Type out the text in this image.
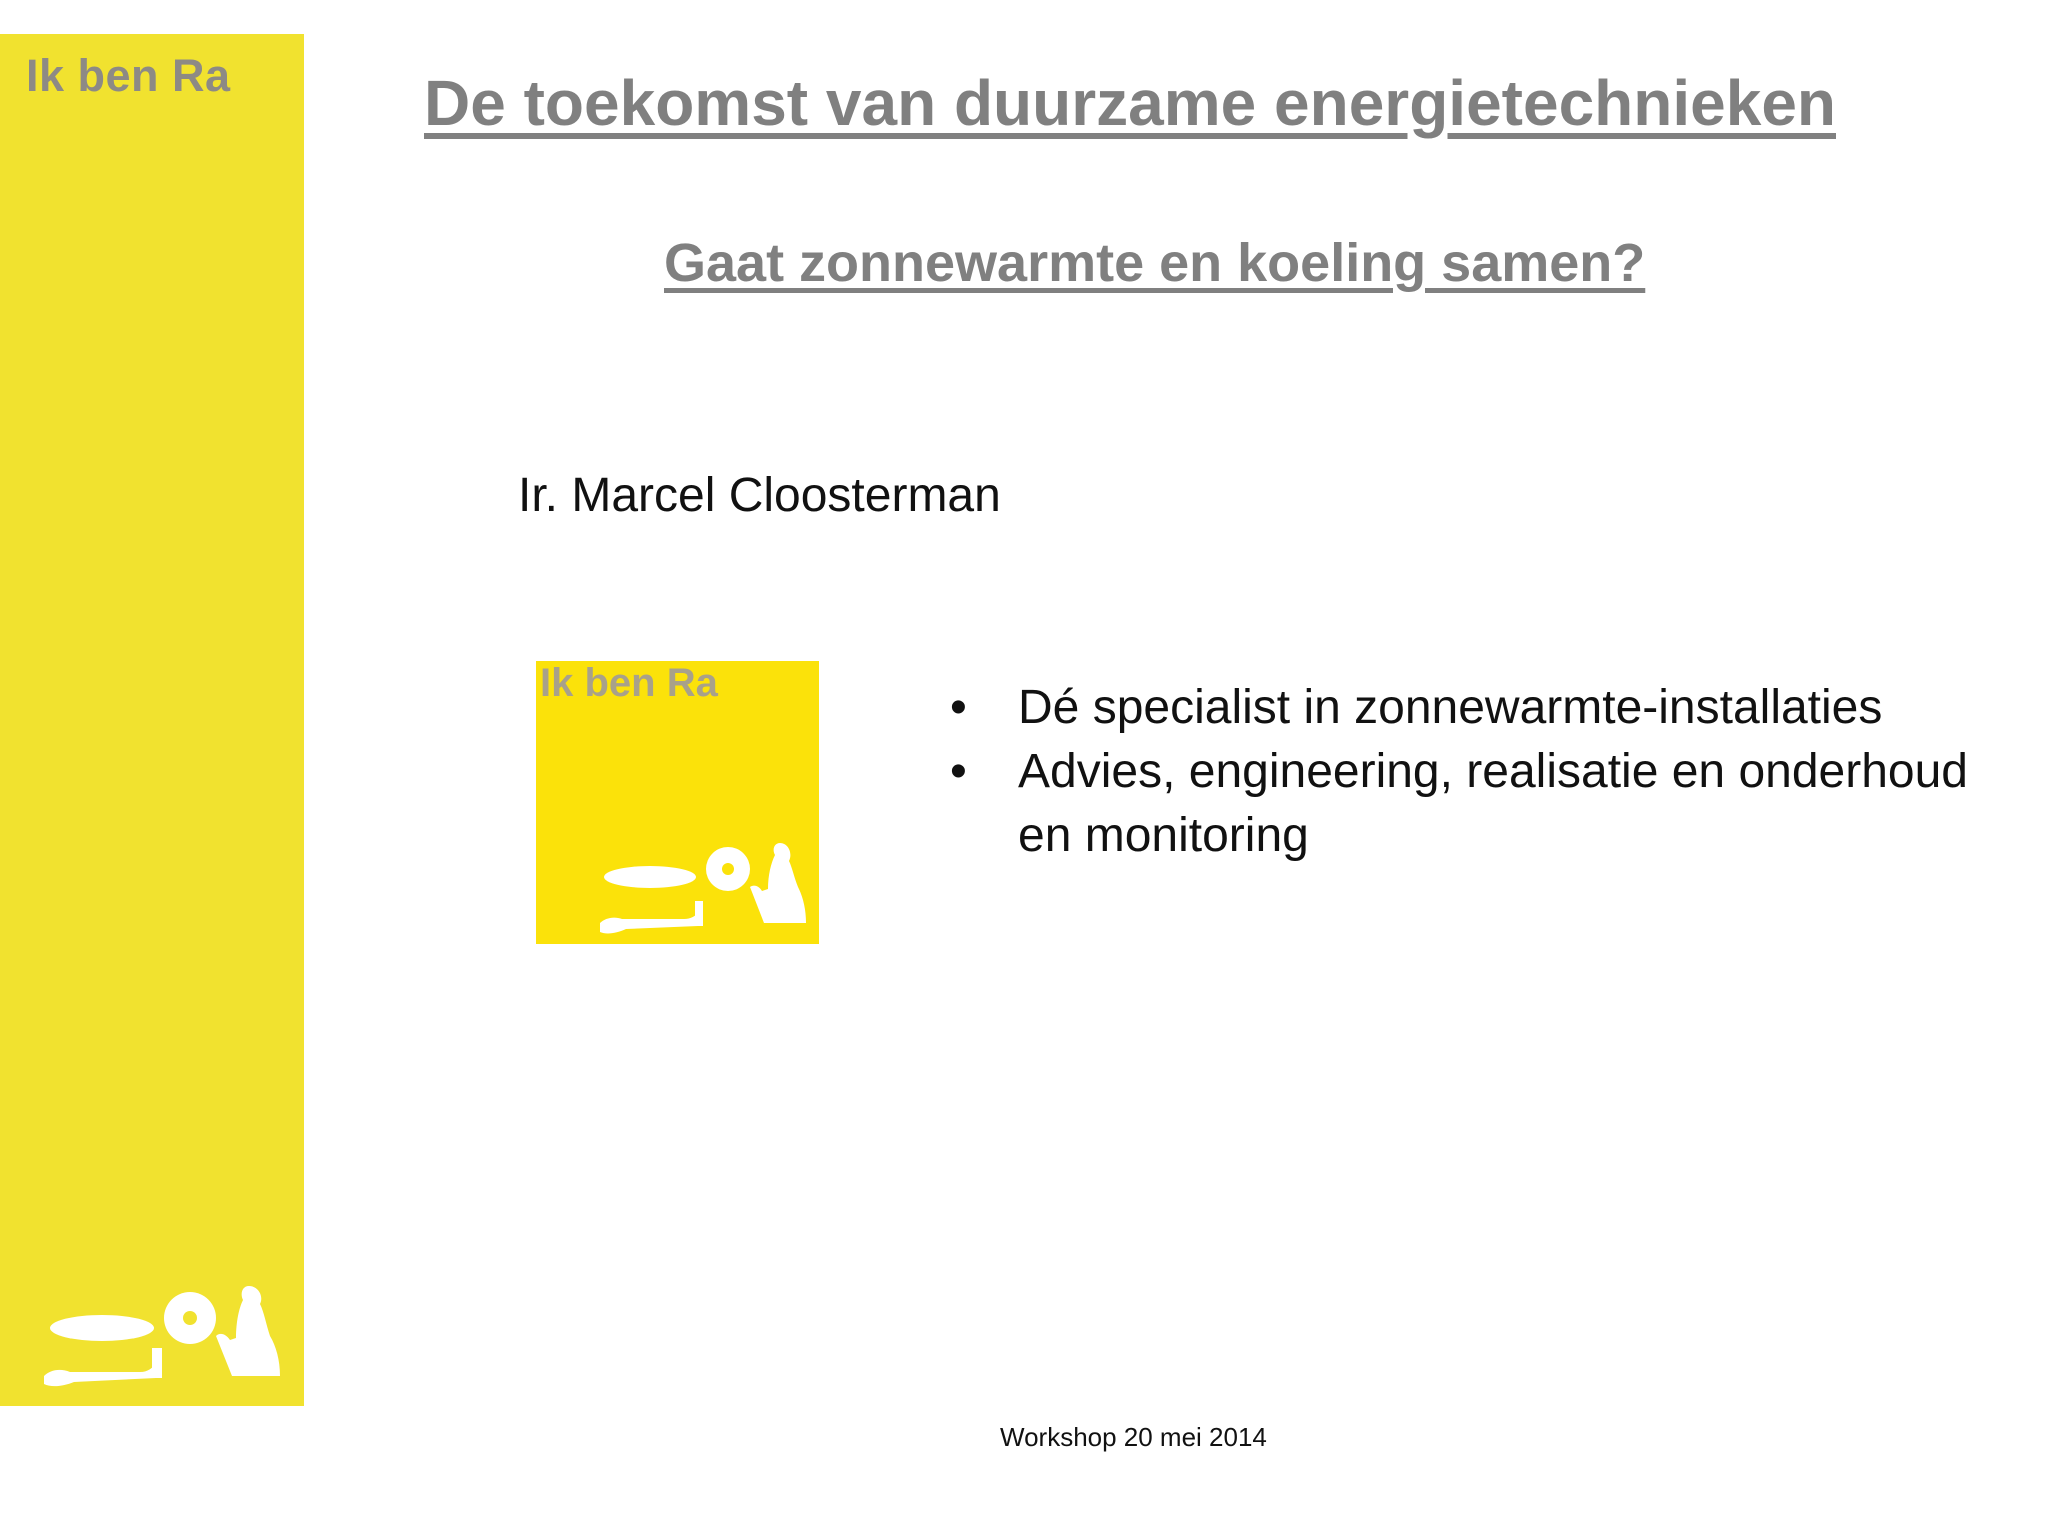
Ik ben Ra	De toekomst van duurzame energietechnieken
Gaat zonnewarmte en koeling samen?
Ir. Marcel Cloosterman
Ik ben Ra	• Dé specialist in zonnewarmte-installaties
• Advies, engineering, realisatie en onderhoud en monitoring
Workshop 20 mei 2014
